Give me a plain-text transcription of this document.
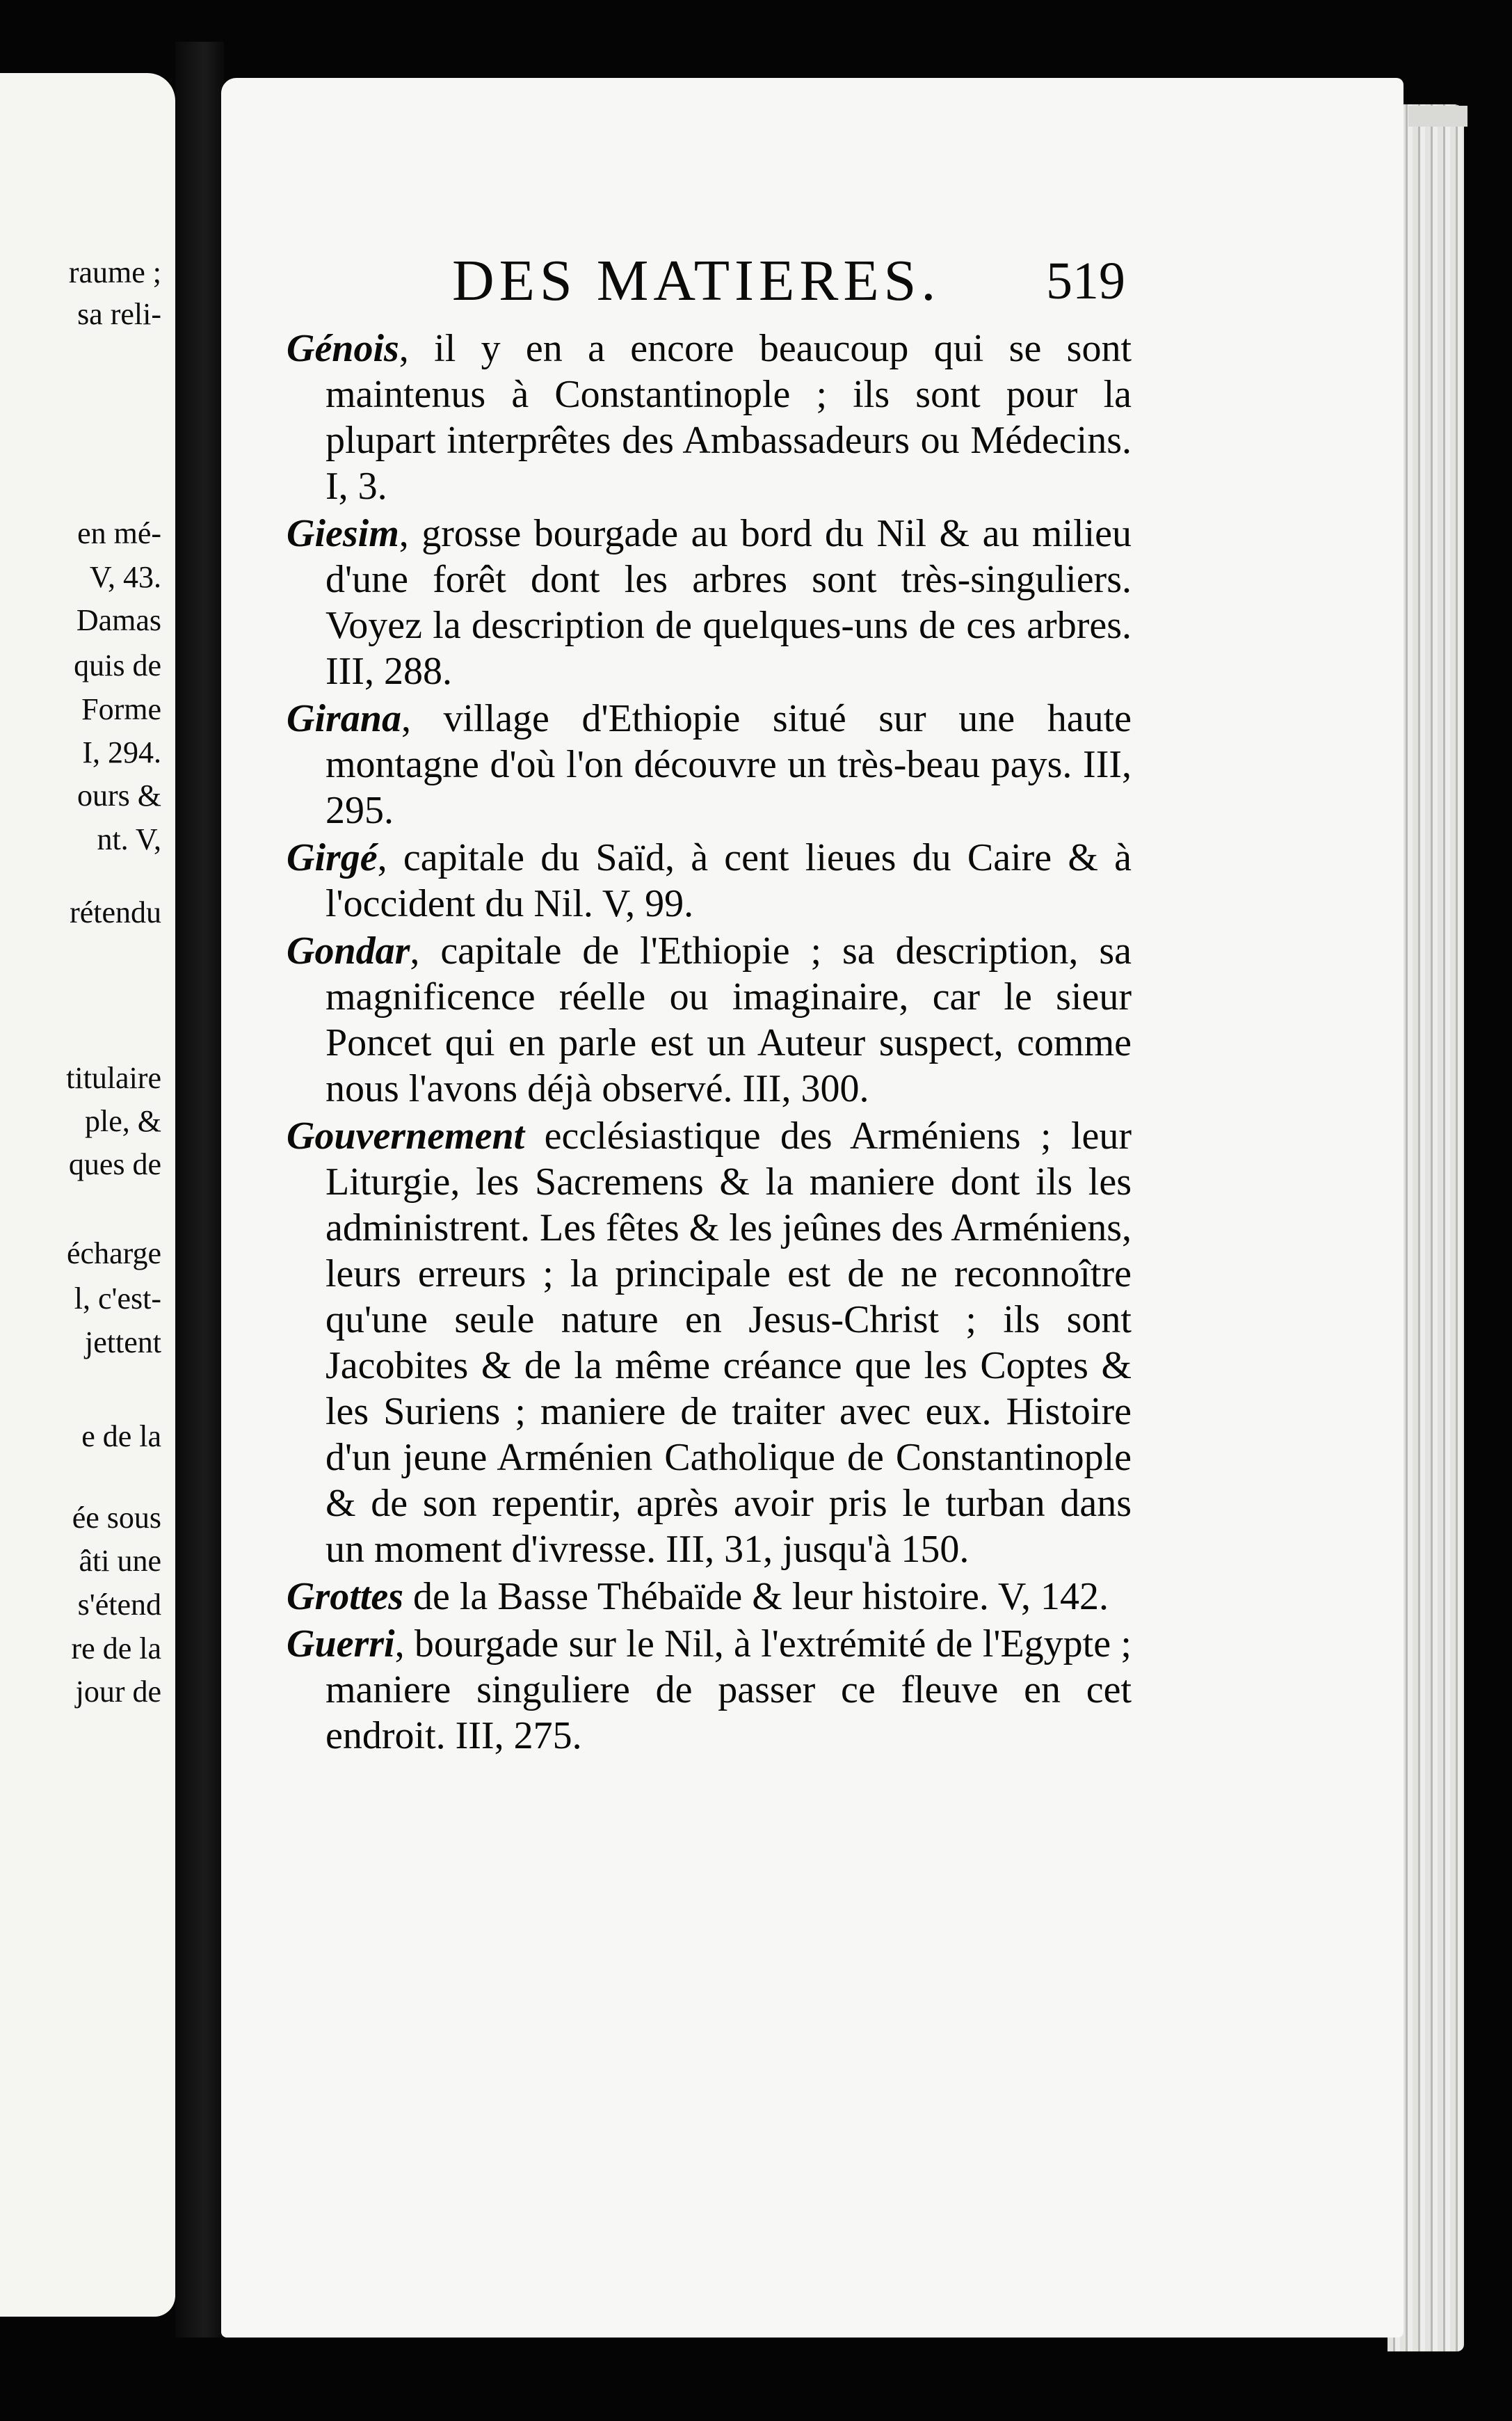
raume ;
sa reli-
en mé-
V, 43.
Damas
quis de
Forme
I, 294.
ours &
nt. V,
rétendu
titulaire
ple, &
ques de
écharge
l, c'est-
jettent
e de la
ée sous
âti une
s'étend
re de la
jour de
DES MATIERES. 519

Génois, il y en a encore beaucoup qui se sont maintenus à Constantinople ; ils sont pour la plupart interprêtes des Ambassadeurs ou Médecins. I, 3.

Giesim, grosse bourgade au bord du Nil & au milieu d'une forêt dont les arbres sont très-singuliers. Voyez la description de quelques-uns de ces arbres. III, 288.

Girana, village d'Ethiopie situé sur une haute montagne d'où l'on découvre un très-beau pays. III, 295.

Girgé, capitale du Saïd, à cent lieues du Caire & à l'occident du Nil. V, 99.

Gondar, capitale de l'Ethiopie ; sa description, sa magnificence réelle ou imaginaire, car le sieur Poncet qui en parle est un Auteur suspect, comme nous l'avons déjà observé. III, 300.

Gouvernement ecclésiastique des Arméniens ; leur Liturgie, les Sacremens & la maniere dont ils les administrent. Les fêtes & les jeûnes des Arméniens, leurs erreurs ; la principale est de ne reconnoître qu'une seule nature en Jesus-Christ ; ils sont Jacobites & de la même créance que les Coptes & les Suriens ; maniere de traiter avec eux. Histoire d'un jeune Arménien Catholique de Constantinople & de son repentir, après avoir pris le turban dans un moment d'ivresse. III, 31, jusqu'à 150.

Grottes de la Basse Thébaïde & leur histoire. V, 142.

Guerri, bourgade sur le Nil, à l'extrémité de l'Egypte ; maniere singuliere de passer ce fleuve en cet endroit. III, 275.
